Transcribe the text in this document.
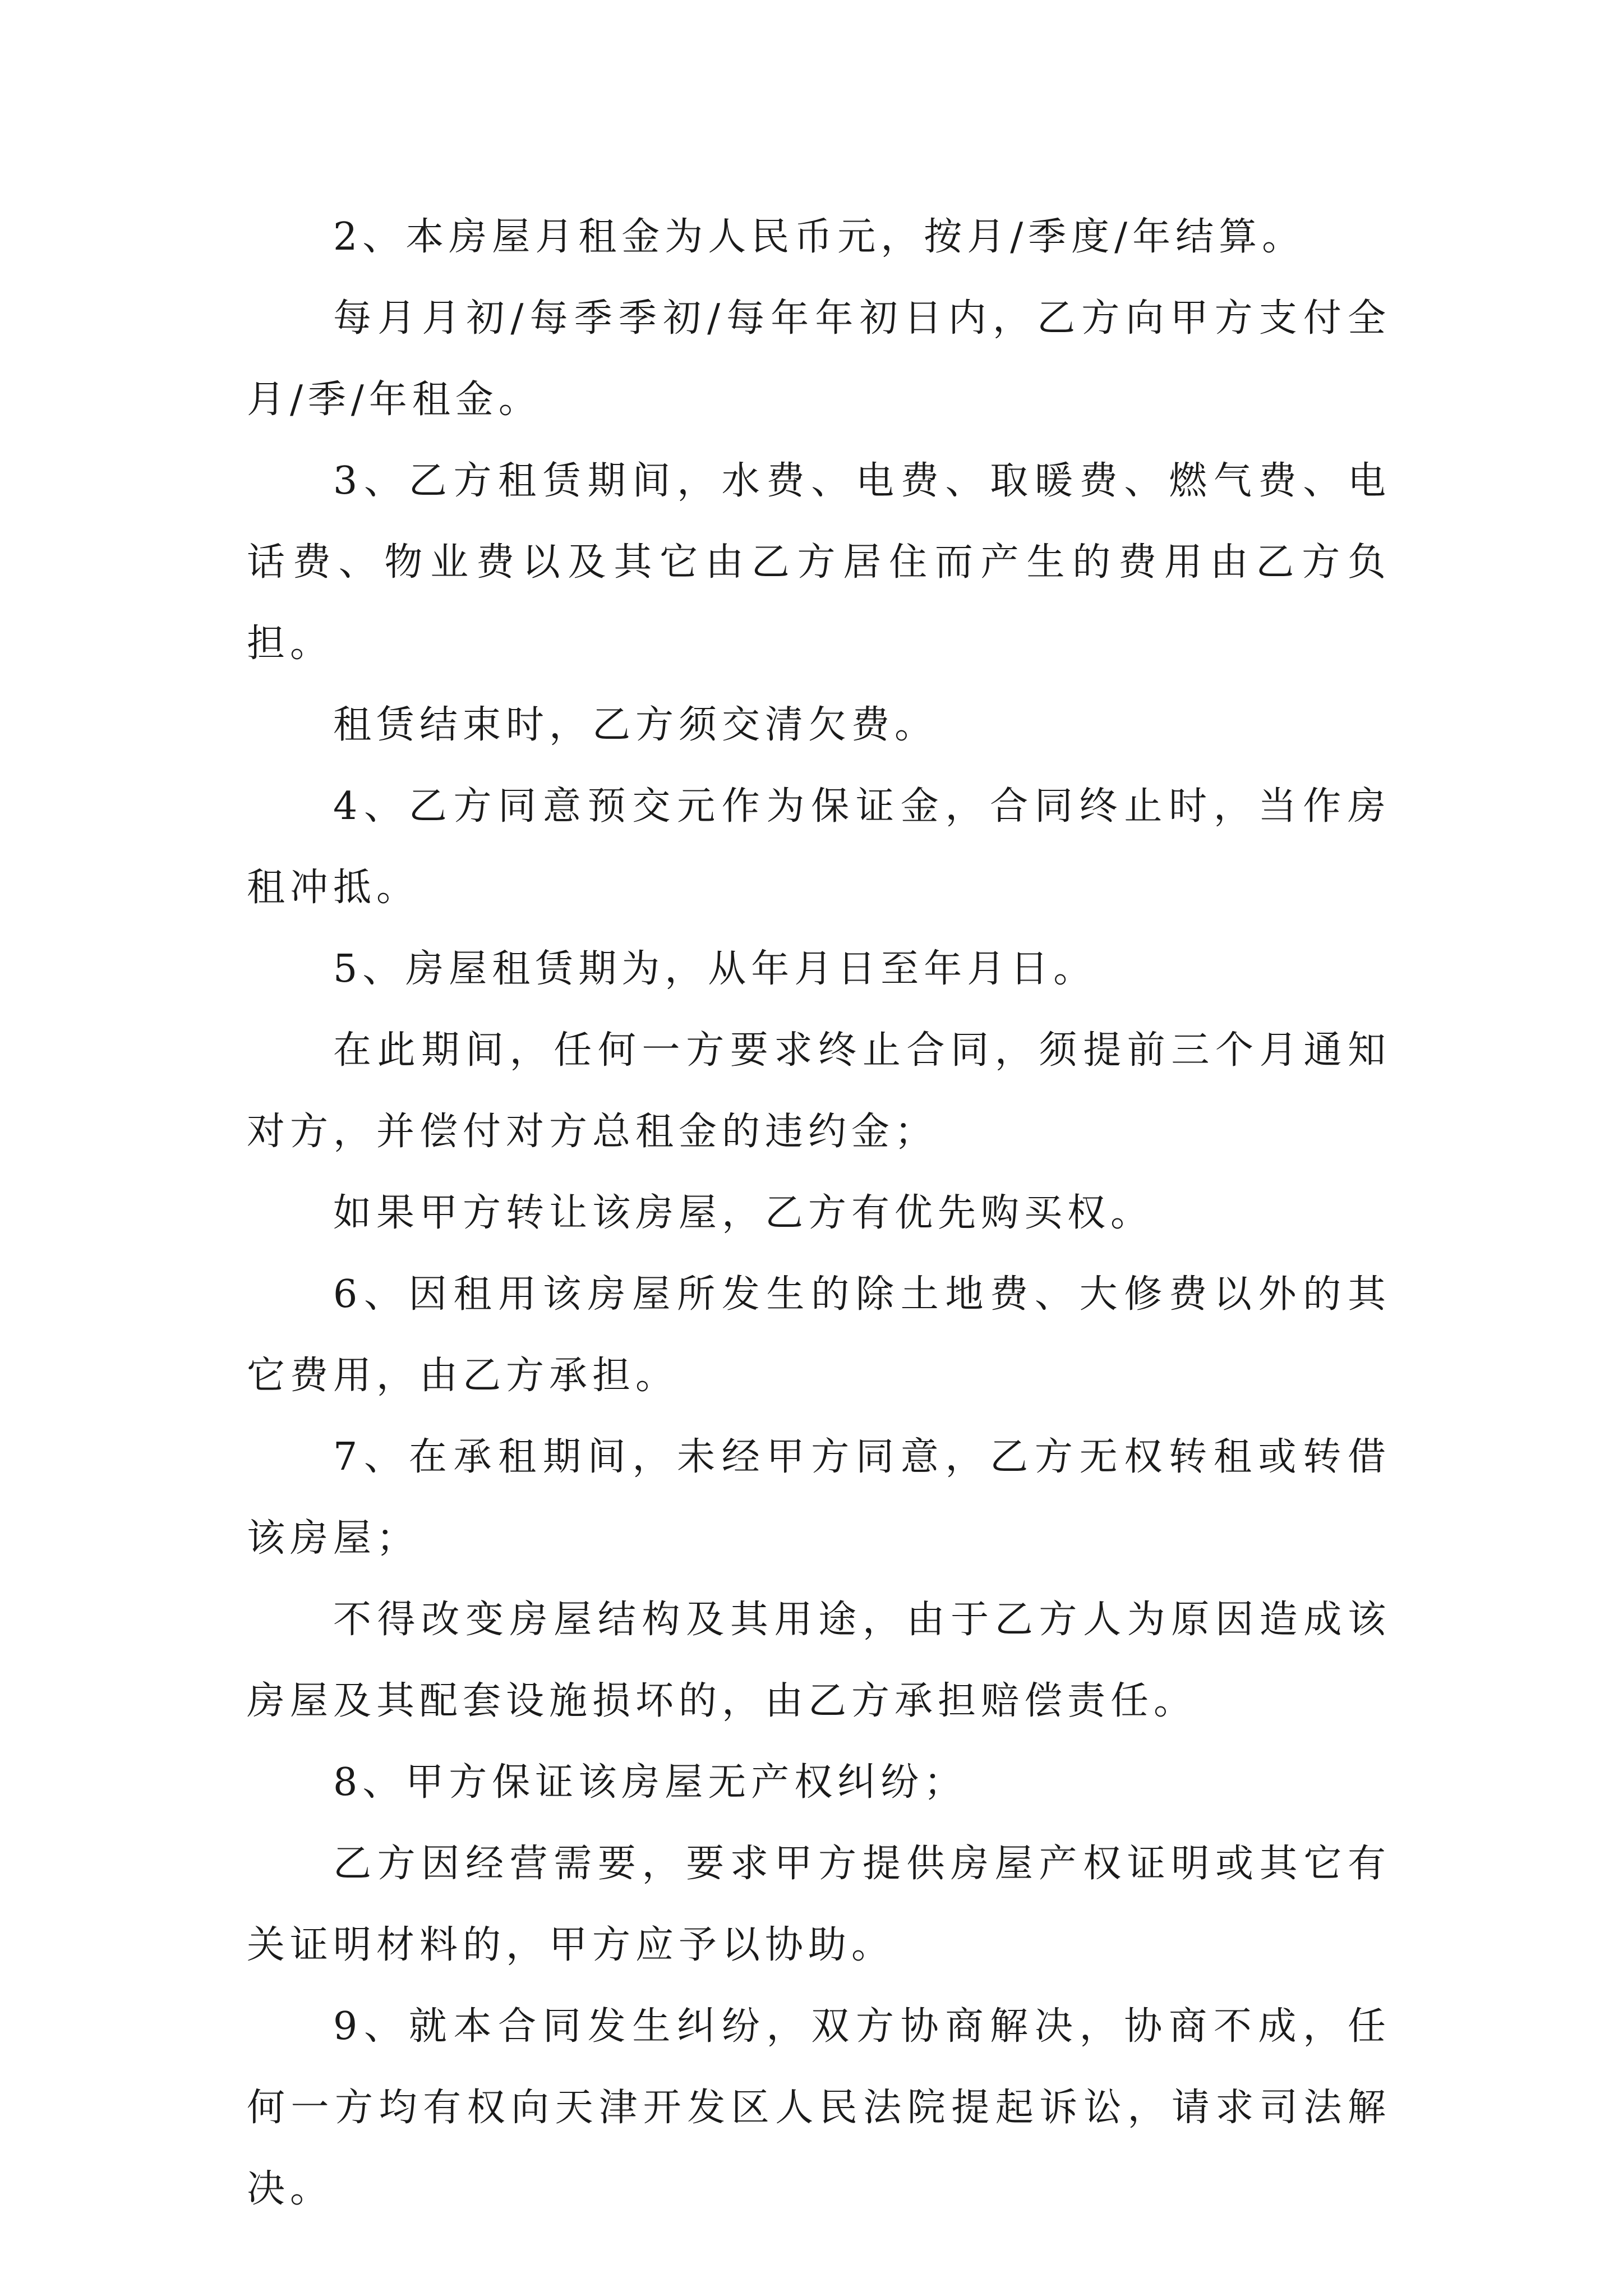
2、本房屋月租金为人民币元，按月/季度/年结算。

每月月初/每季季初/每年年初日内，乙方向甲方支付全月/季/年租金。

3、乙方租赁期间，水费、电费、取暖费、燃气费、电话费、物业费以及其它由乙方居住而产生的费用由乙方负担。

租赁结束时，乙方须交清欠费。

4、乙方同意预交元作为保证金，合同终止时，当作房租冲抵。

5、房屋租赁期为，从年月日至年月日。

在此期间，任何一方要求终止合同，须提前三个月通知对方，并偿付对方总租金的违约金；

如果甲方转让该房屋，乙方有优先购买权。

6、因租用该房屋所发生的除土地费、大修费以外的其它费用，由乙方承担。

7、在承租期间，未经甲方同意，乙方无权转租或转借该房屋；

不得改变房屋结构及其用途，由于乙方人为原因造成该房屋及其配套设施损坏的，由乙方承担赔偿责任。

8、甲方保证该房屋无产权纠纷；

乙方因经营需要，要求甲方提供房屋产权证明或其它有关证明材料的，甲方应予以协助。

9、就本合同发生纠纷，双方协商解决，协商不成，任何一方均有权向天津开发区人民法院提起诉讼，请求司法解决。
